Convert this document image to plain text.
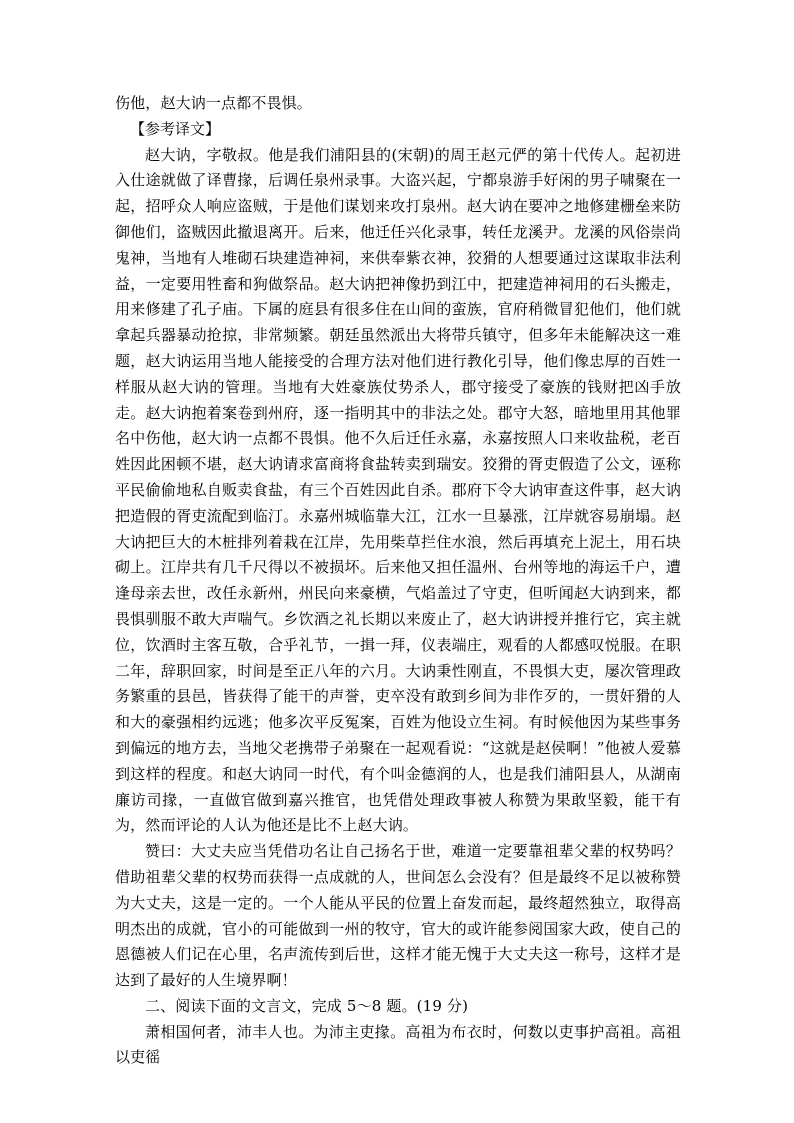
伤他，赵大讷一点都不畏惧。

【参考译文】

赵大讷，字敬叔。他是我们浦阳县的(宋朝)的周王赵元俨的第十代传人。起初进入仕途就做了译曹掾，后调任泉州录事。大盗兴起，宁都泉游手好闲的男子啸聚在一起，招呼众人响应盗贼，于是他们谋划来攻打泉州。赵大讷在要冲之地修建栅垒来防御他们，盗贼因此撤退离开。后来，他迁任兴化录事，转任龙溪尹。龙溪的风俗崇尚鬼神，当地有人堆砌石块建造神祠，来供奉紫衣神，狡猾的人想要通过这谋取非法利益，一定要用牲畜和狗做祭品。赵大讷把神像扔到江中，把建造神祠用的石头搬走，用来修建了孔子庙。下属的庭县有很多住在山间的蛮族，官府稍微冒犯他们，他们就拿起兵器暴动抢掠，非常频繁。朝廷虽然派出大将带兵镇守，但多年未能解决这一难题，赵大讷运用当地人能接受的合理方法对他们进行教化引导，他们像忠厚的百姓一样服从赵大讷的管理。当地有大姓豪族仗势杀人，郡守接受了豪族的钱财把凶手放走。赵大讷抱着案卷到州府，逐一指明其中的非法之处。郡守大怒，暗地里用其他罪名中伤他，赵大讷一点都不畏惧。他不久后迁任永嘉，永嘉按照人口来收盐税，老百姓因此困顿不堪，赵大讷请求富商将食盐转卖到瑞安。狡猾的胥吏假造了公文，诬称平民偷偷地私自贩卖食盐，有三个百姓因此自杀。郡府下令大讷审查这件事，赵大讷把造假的胥吏流配到临汀。永嘉州城临靠大江，江水一旦暴涨，江岸就容易崩塌。赵大讷把巨大的木桩排列着栽在江岸，先用柴草拦住水浪，然后再填充上泥土，用石块砌上。江岸共有几千尺得以不被损坏。后来他又担任温州、台州等地的海运千户，遭逢母亲去世，改任永新州，州民向来豪横，气焰盖过了守吏，但听闻赵大讷到来，都畏惧驯服不敢大声喘气。乡饮酒之礼长期以来废止了，赵大讷讲授并推行它，宾主就位，饮酒时主客互敬，合乎礼节，一揖一拜，仪表端庄，观看的人都感叹悦服。在职二年，辞职回家，时间是至正八年的六月。大讷秉性刚直，不畏惧大吏，屡次管理政务繁重的县邑，皆获得了能干的声誉，吏卒没有敢到乡间为非作歹的，一贯奸猾的人和大的豪强相约远逃；他多次平反冤案，百姓为他设立生祠。有时候他因为某些事务到偏远的地方去，当地父老携带子弟聚在一起观看说：“这就是赵侯啊！”他被人爱慕到这样的程度。和赵大讷同一时代，有个叫金德润的人，也是我们浦阳县人，从湖南廉访司掾，一直做官做到嘉兴推官，也凭借处理政事被人称赞为果敢坚毅，能干有为，然而评论的人认为他还是比不上赵大讷。

赞曰：大丈夫应当凭借功名让自己扬名于世，难道一定要靠祖辈父辈的权势吗？借助祖辈父辈的权势而获得一点成就的人，世间怎么会没有？但是最终不足以被称赞为大丈夫，这是一定的。一个人能从平民的位置上奋发而起，最终超然独立，取得高明杰出的成就，官小的可能做到一州的牧守，官大的或许能参阅国家大政，使自己的恩德被人们记在心里，名声流传到后世，这样才能无愧于大丈夫这一称号，这样才是达到了最好的人生境界啊！

二、阅读下面的文言文，完成 5～8 题。(19 分)

萧相国何者，沛丰人也。为沛主吏掾。高祖为布衣时，何数以吏事护高祖。高祖以吏徭
